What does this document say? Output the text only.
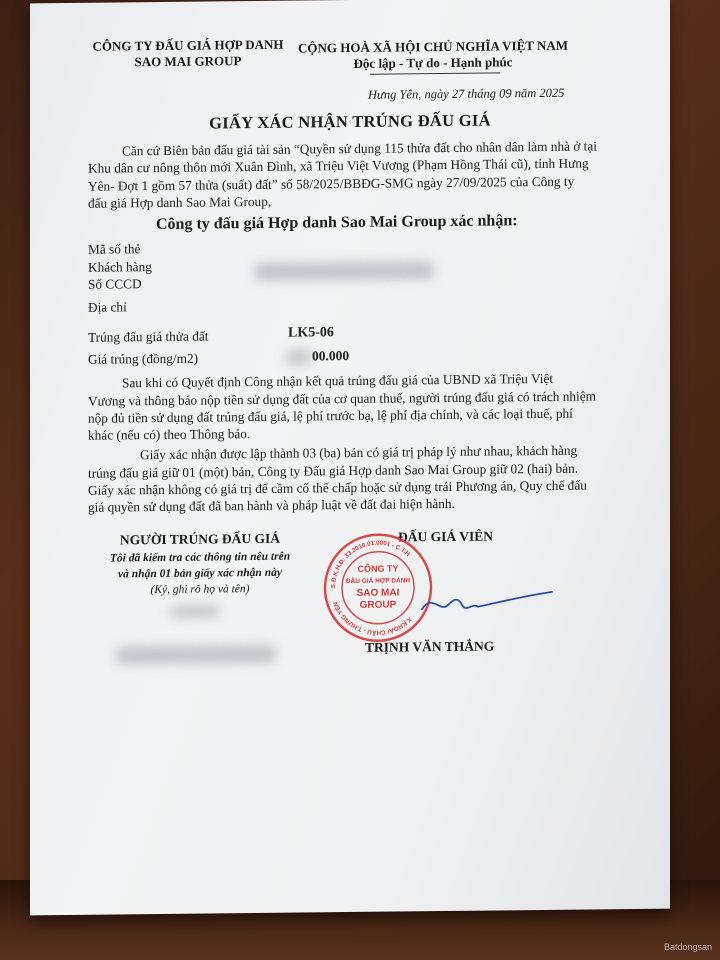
CÔNG TY ĐẤU GIÁ HỢP DANH
SAO MAI GROUP
CỘNG HOÀ XÃ HỘI CHỦ NGHĨA VIỆT NAM
Độc lập - Tự do - Hạnh phúc
Hưng Yên, ngày 27 tháng 09 năm 2025
GIẤY XÁC NHẬN TRÚNG ĐẤU GIÁ
Căn cứ Biên bản đấu giá tài sản “Quyền sử dụng 115 thửa đất cho nhân dân làm nhà ở tại
Khu dân cư nông thôn mới Xuân Đình, xã Triệu Việt Vương (Phạm Hồng Thái cũ), tỉnh Hưng
Yên- Đợt 1 gồm 57 thửa (suất) đất” số 58/2025/BBĐG-SMG ngày 27/09/2025 của Công ty
đấu giá Hợp danh Sao Mai Group,
Công ty đấu giá Hợp danh Sao Mai Group xác nhận:
Mã số thẻ
Khách hàng
Số CCCD
Địa chỉ
Trúng đấu giá thửa đất	LK5-06
Giá trúng (đồng/m2)	00.000
Sau khi có Quyết định Công nhận kết quả trúng đấu giá của UBND xã Triệu Việt
Vương và thông báo nộp tiền sử dụng đất của cơ quan thuế, người trúng đấu giá có trách nhiệm
nộp đủ tiền sử dụng đất trúng đấu giá, lệ phí trước bạ, lệ phí địa chính, và các loại thuế, phí
khác (nếu có) theo Thông báo.
Giấy xác nhận được lập thành 03 (ba) bản có giá trị pháp lý như nhau, khách hàng
trúng đấu giá giữ 01 (một) bản, Công ty Đấu giá Hợp danh Sao Mai Group giữ 02 (hai) bản.
Giấy xác nhận không có giá trị để cầm cố thế chấp hoặc sử dụng trái Phương án, Quy chế đấu
giá quyền sử dụng đất đã ban hành và pháp luật về đất đai hiện hành.
NGƯỜI TRÚNG ĐẤU GIÁ
Tôi đã kiểm tra các thông tin nêu trên
và nhận 01 bản giấy xác nhận này
(Ký, ghi rõ họ và tên)
ĐẤU GIÁ VIÊN
S.Đ.K.H.Đ: 33.2010.01.0001 - C.T.H
X.KHOÁI CHÂU - T.HƯNG YÊN
CÔNG TY
ĐẤU GIÁ HỢP DANH
SAO MAI
GROUP
TRỊNH VĂN THẮNG
Batdongsan
